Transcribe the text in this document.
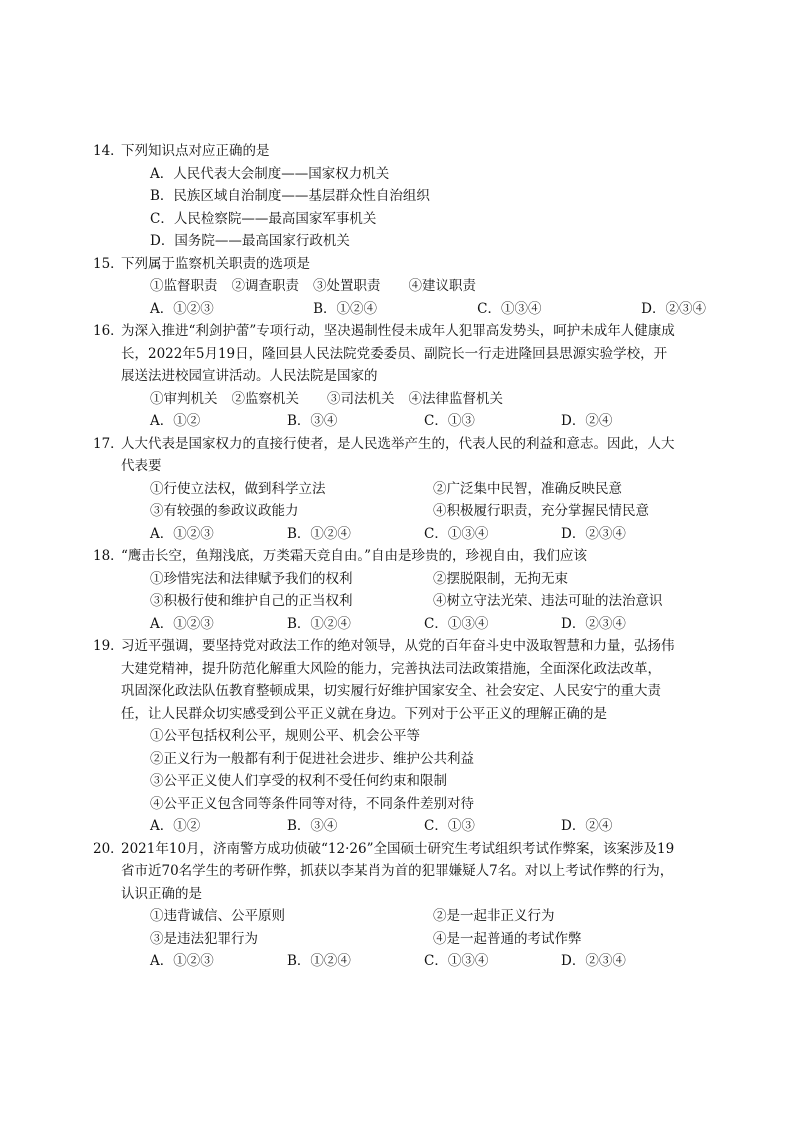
14．
下列知识点对应正确的是
A．人民代表大会制度——国家权力机关
B．民族区域自治制度——基层群众性自治组织
C．人民检察院——最高国家军事机关
D．国务院——最高国家行政机关
15．
下列属于监察机关职责的选项是
①监督职责 ②调查职责 ③处置职责 ④建议职责
A．①②③	B．①②④	C．①③④	D．②③④
16．
为深入推进“利剑护蕾”专项行动，坚决遏制性侵未成年人犯罪高发势头，呵护未成年人健康成
长，2022年5月19日，隆回县人民法院党委委员、副院长一行走进隆回县思源实验学校，开
展送法进校园宣讲活动。人民法院是国家的
①审判机关 ②监察机关 ③司法机关 ④法律监督机关
A．①②	B．③④	C．①③	D．②④
17．
人大代表是国家权力的直接行使者，是人民选举产生的，代表人民的利益和意志。因此，人大
代表要
①行使立法权，做到科学立法	②广泛集中民智，准确反映民意
③有较强的参政议政能力	④积极履行职责，充分掌握民情民意
A．①②③	B．①②④	C．①③④	D．②③④
18．
“鹰击长空，鱼翔浅底，万类霜天竞自由。”自由是珍贵的，珍视自由，我们应该
①珍惜宪法和法律赋予我们的权利	②摆脱限制，无拘无束
③积极行使和维护自己的正当权利	④树立守法光荣、违法可耻的法治意识
A．①②③	B．①②④	C．①③④	D．②③④
19．
习近平强调，要坚持党对政法工作的绝对领导，从党的百年奋斗史中汲取智慧和力量，弘扬伟
大建党精神，提升防范化解重大风险的能力，完善执法司法政策措施，全面深化政法改革，
巩固深化政法队伍教育整顿成果，切实履行好维护国家安全、社会安定、人民安宁的重大责
任，让人民群众切实感受到公平正义就在身边。下列对于公平正义的理解正确的是
①公平包括权利公平，规则公平、机会公平等
②正义行为一般都有利于促进社会进步、维护公共利益
③公平正义使人们享受的权利不受任何约束和限制
④公平正义包含同等条件同等对待，不同条件差别对待
A．①②	B．③④	C．①③	D．②④
20．
2021年10月，济南警方成功侦破“12·26”全国硕士研究生考试组织考试作弊案，该案涉及19
省市近70名学生的考研作弊，抓获以李某肖为首的犯罪嫌疑人7名。对以上考试作弊的行为，
认识正确的是
①违背诚信、公平原则	②是一起非正义行为
③是违法犯罪行为	④是一起普通的考试作弊
A．①②③	B．①②④	C．①③④	D．②③④
